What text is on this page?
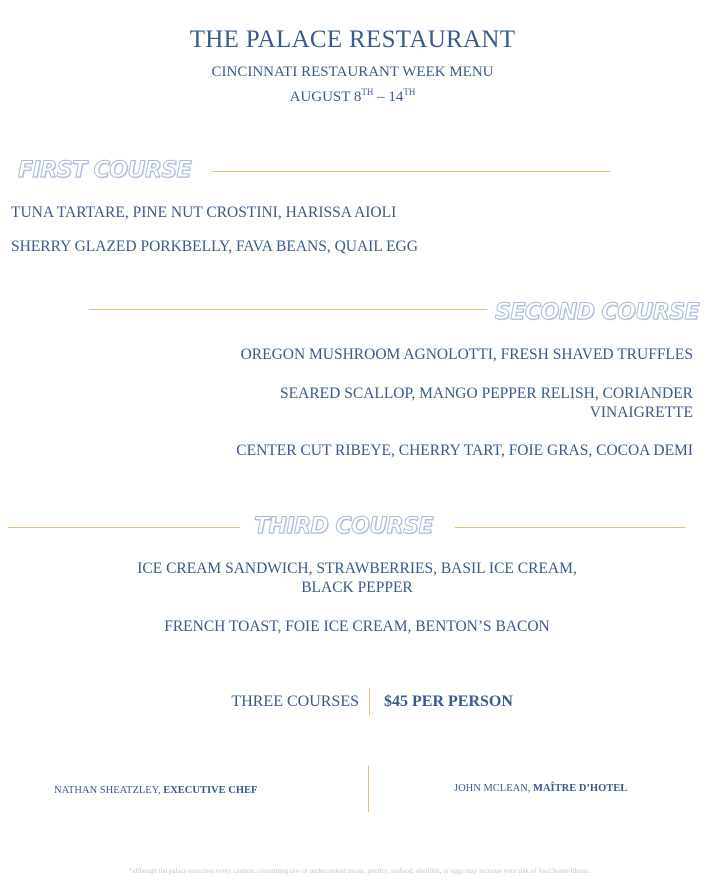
THE PALACE RESTAURANT
CINCINNATI RESTAURANT WEEK MENU
AUGUST 8TH – 14TH
FIRST COURSE
TUNA TARTARE, PINE NUT CROSTINI, HARISSA AIOLI
SHERRY GLAZED PORKBELLY, FAVA BEANS, QUAIL EGG
SECOND COURSE
OREGON MUSHROOM AGNOLOTTI, FRESH SHAVED TRUFFLES
SEARED SCALLOP, MANGO PEPPER RELISH, CORIANDER
VINAIGRETTE
CENTER CUT RIBEYE, CHERRY TART, FOIE GRAS, COCOA DEMI
THIRD COURSE
ICE CREAM SANDWICH, STRAWBERRIES, BASIL ICE CREAM,
BLACK PEPPER
FRENCH TOAST, FOIE ICE CREAM, BENTON’S BACON
THREE COURSES $45 PER PERSON
NATHAN SHEATZLEY, EXECUTIVE CHEF	JOHN MCLEAN, MAÎTRE D’HOTEL
*although the palace exercises every caution, consuming raw or undercooked meats, poultry, seafood, shellfish, or eggs may increase your risk of food borne illness.
